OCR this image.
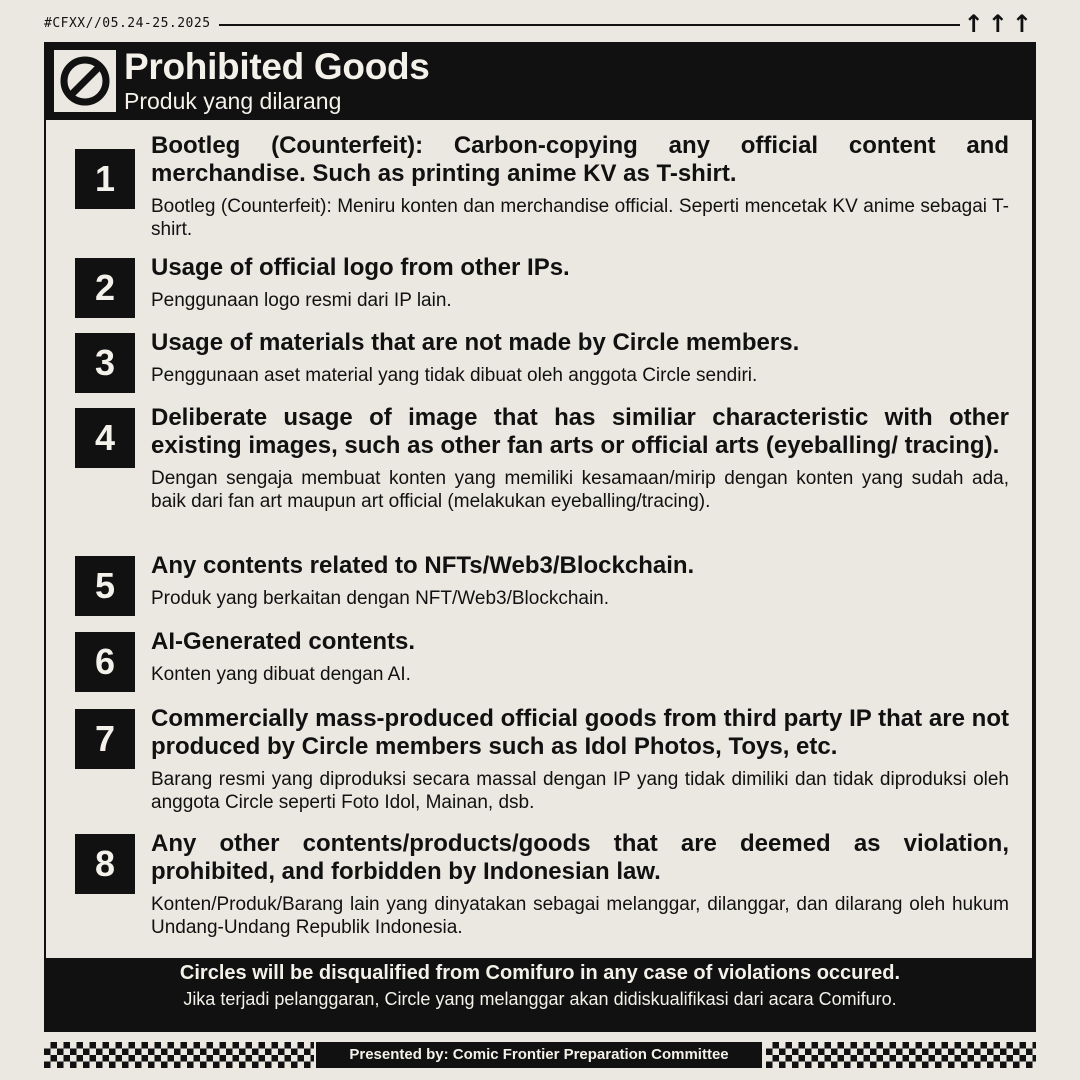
#CFXX//05.24-25.2025	↑↑↑
Prohibited Goods
Produk yang dilarang
1
Bootleg (Counterfeit): Carbon-copying any official content and merchandise. Such as printing anime KV as T-shirt.
Bootleg (Counterfeit): Meniru konten dan merchandise official. Seperti mencetak KV anime sebagai T-shirt.
2	Usage of official logo from other IPs.
Penggunaan logo resmi dari IP lain.
3	Usage of materials that are not made by Circle members.
Penggunaan aset material yang tidak dibuat oleh anggota Circle sendiri.
4	Deliberate usage of image that has similiar characteristic with other existing images, such as other fan arts or official arts (eyeballing/ tracing).
Dengan sengaja membuat konten yang memiliki kesamaan/mirip dengan konten yang sudah ada, baik dari fan art maupun art official (melakukan eyeballing/tracing).
5	Any contents related to NFTs/Web3/Blockchain.
Produk yang berkaitan dengan NFT/Web3/Blockchain.
6	AI-Generated contents.
Konten yang dibuat dengan AI.
7	Commercially mass-produced official goods from third party IP that are not produced by Circle members such as Idol Photos, Toys, etc.
Barang resmi yang diproduksi secara massal dengan IP yang tidak dimiliki dan tidak diproduksi oleh anggota Circle seperti Foto Idol, Mainan, dsb.
8	Any other contents/products/goods that are deemed as violation, prohibited, and forbidden by Indonesian law.
Konten/Produk/Barang lain yang dinyatakan sebagai melanggar, dilanggar, dan dilarang oleh hukum Undang-Undang Republik Indonesia.
Circles will be disqualified from Comifuro in any case of violations occured.
Jika terjadi pelanggaran, Circle yang melanggar akan didiskualifikasi dari acara Comifuro.
Presented by: Comic Frontier Preparation Committee
